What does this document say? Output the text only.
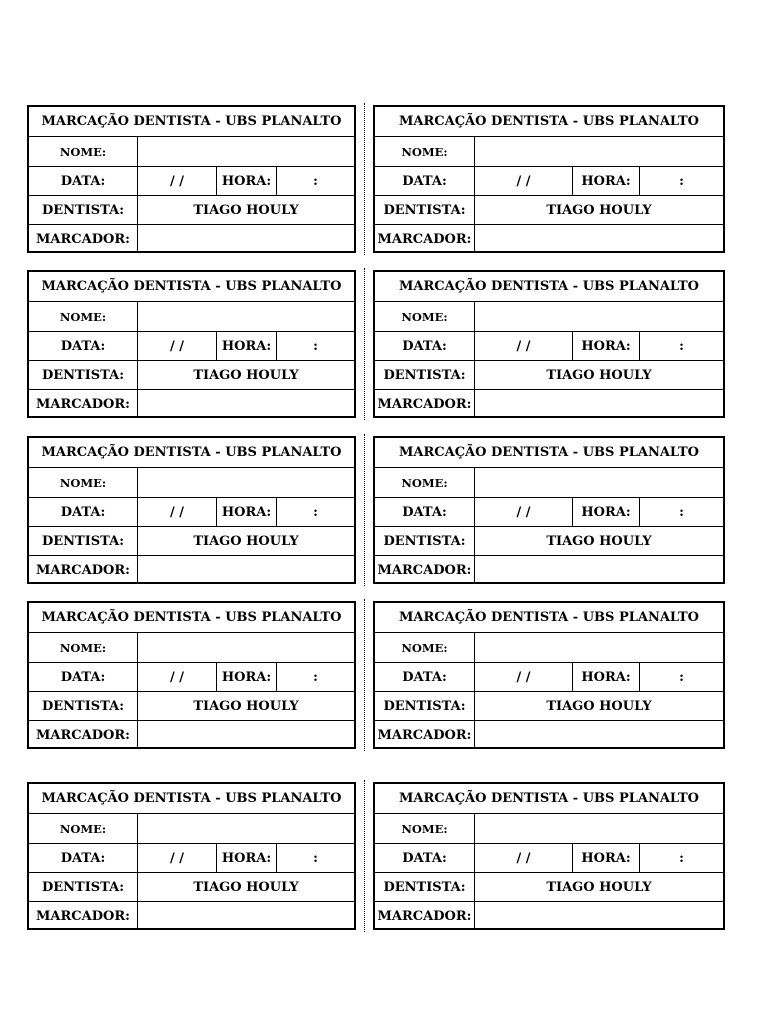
MARCAÇÃO DENTISTA - UBS PLANALTO
NOME:
DATA:	/ /	HORA:	:
DENTISTA:	TIAGO HOULY
MARCADOR:
MARCAÇÃO DENTISTA - UBS PLANALTO
NOME:
DATA:	/ /	HORA:	:
DENTISTA:	TIAGO HOULY
MARCADOR:
MARCAÇÃO DENTISTA - UBS PLANALTO
NOME:
DATA:	/ /	HORA:	:
DENTISTA:	TIAGO HOULY
MARCADOR:
MARCAÇÃO DENTISTA - UBS PLANALTO
NOME:
DATA:	/ /	HORA:	:
DENTISTA:	TIAGO HOULY
MARCADOR:
MARCAÇÃO DENTISTA - UBS PLANALTO
NOME:
DATA:	/ /	HORA:	:
DENTISTA:	TIAGO HOULY
MARCADOR:
MARCAÇÃO DENTISTA - UBS PLANALTO
NOME:
DATA:	/ /	HORA:	:
DENTISTA:	TIAGO HOULY
MARCADOR:
MARCAÇÃO DENTISTA - UBS PLANALTO
NOME:
DATA:	/ /	HORA:	:
DENTISTA:	TIAGO HOULY
MARCADOR:
MARCAÇÃO DENTISTA - UBS PLANALTO
NOME:
DATA:	/ /	HORA:	:
DENTISTA:	TIAGO HOULY
MARCADOR:
MARCAÇÃO DENTISTA - UBS PLANALTO
NOME:
DATA:	/ /	HORA:	:
DENTISTA:	TIAGO HOULY
MARCADOR:
MARCAÇÃO DENTISTA - UBS PLANALTO
NOME:
DATA:	/ /	HORA:	:
DENTISTA:	TIAGO HOULY
MARCADOR:
